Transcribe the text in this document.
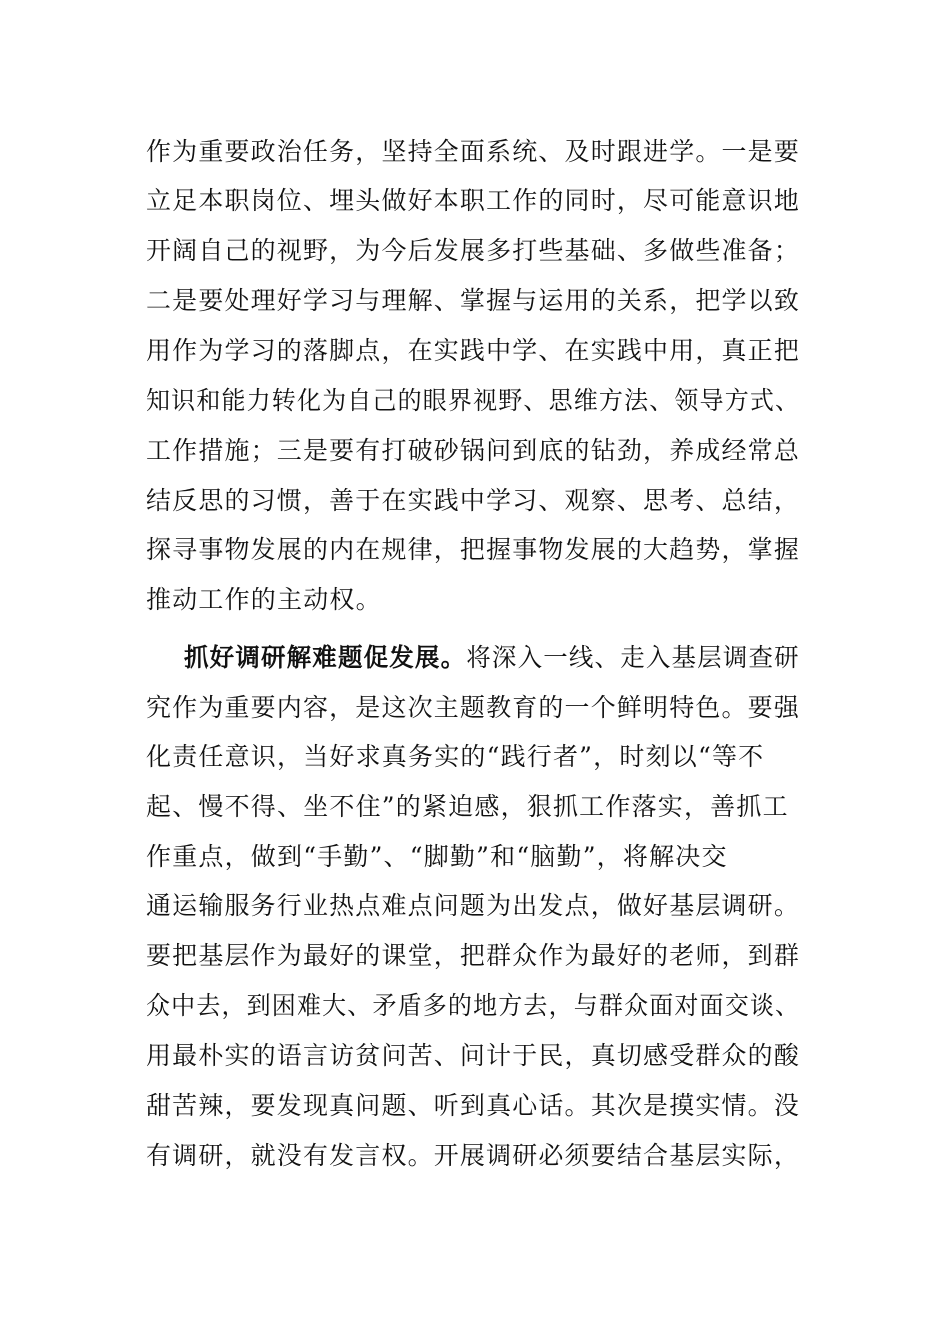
作为重要政治任务，坚持全面系统、及时跟进学。一是要
立足本职岗位、埋头做好本职工作的同时，尽可能意识地
开阔自己的视野，为今后发展多打些基础、多做些准备；
二是要处理好学习与理解、掌握与运用的关系，把学以致
用作为学习的落脚点，在实践中学、在实践中用，真正把
知识和能力转化为自己的眼界视野、思维方法、领导方式、
工作措施；三是要有打破砂锅问到底的钻劲，养成经常总
结反思的习惯，善于在实践中学习、观察、思考、总结，
探寻事物发展的内在规律，把握事物发展的大趋势，掌握
推动工作的主动权。
抓好调研解难题促发展。将深入一线、走入基层调查研
究作为重要内容，是这次主题教育的一个鲜明特色。要强
化责任意识，当好求真务实的“践行者”，时刻以“等不
起、慢不得、坐不住”的紧迫感，狠抓工作落实，善抓工
作重点，做到“手勤”、“脚勤”和“脑勤”，将解决交
通运输服务行业热点难点问题为出发点，做好基层调研。
要把基层作为最好的课堂，把群众作为最好的老师，到群
众中去，到困难大、矛盾多的地方去，与群众面对面交谈、
用最朴实的语言访贫问苦、问计于民，真切感受群众的酸
甜苦辣，要发现真问题、听到真心话。其次是摸实情。没
有调研，就没有发言权。开展调研必须要结合基层实际，
